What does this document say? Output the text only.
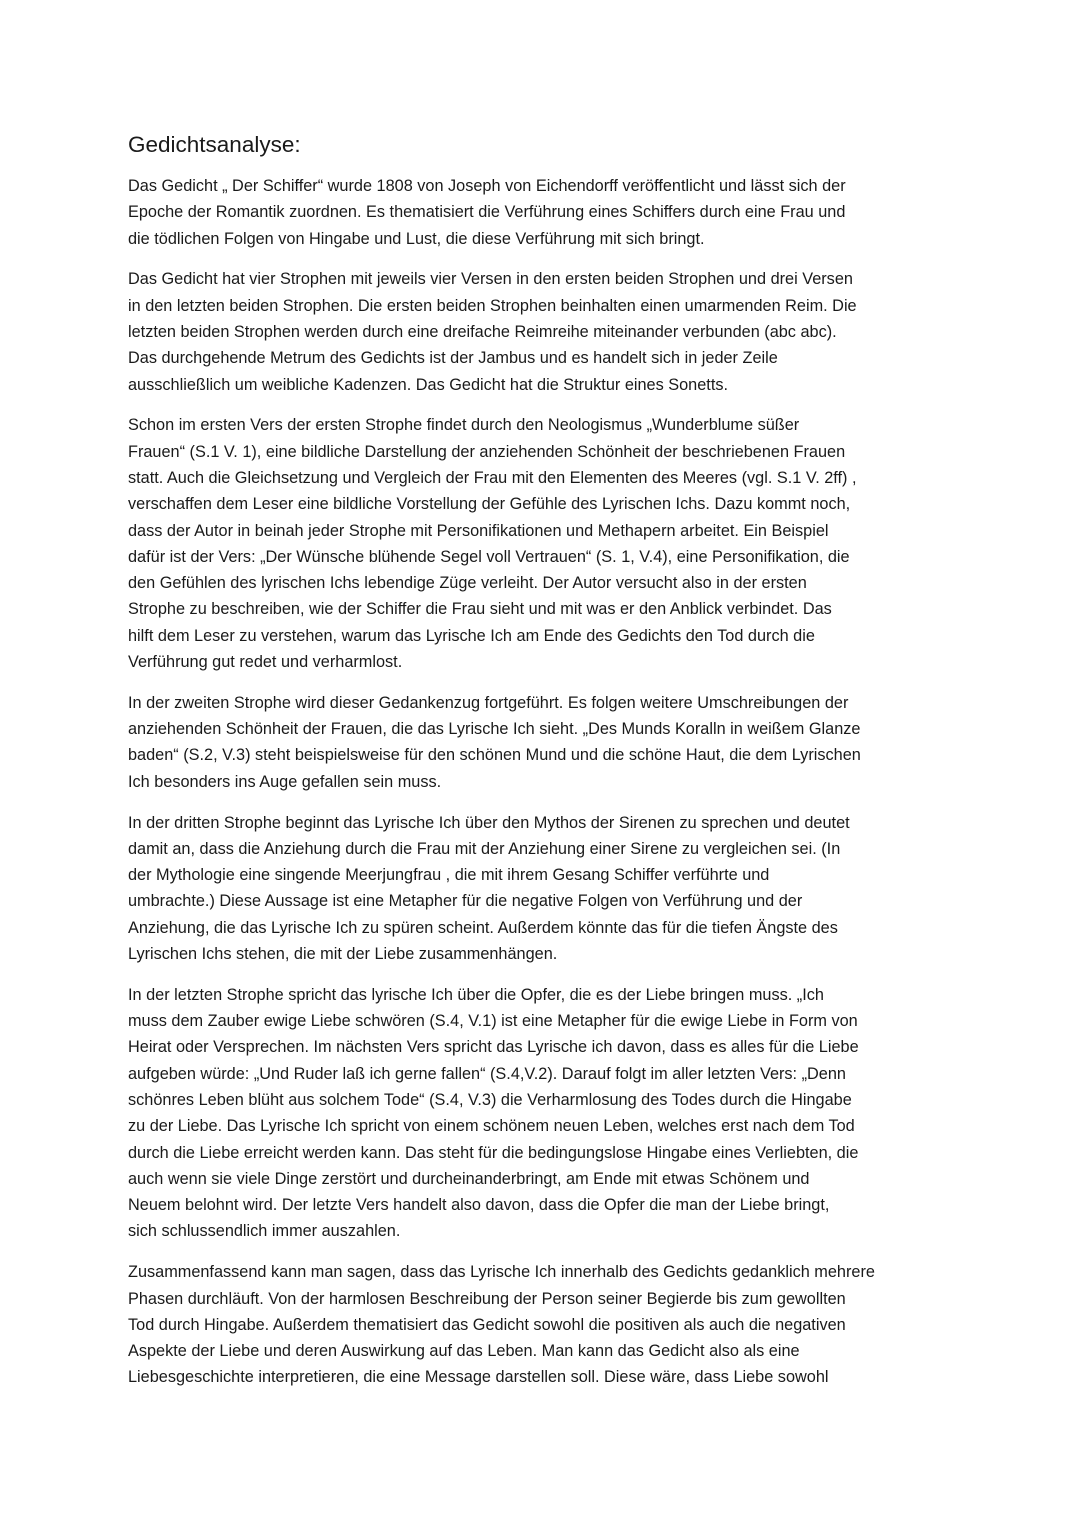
Gedichtsanalyse:

Das Gedicht „ Der Schiffer“ wurde 1808 von Joseph von Eichendorff veröffentlicht und lässt sich der
Epoche der Romantik zuordnen. Es thematisiert die Verführung eines Schiffers durch eine Frau und
die tödlichen Folgen von Hingabe und Lust, die diese Verführung mit sich bringt.

Das Gedicht hat vier Strophen mit jeweils vier Versen in den ersten beiden Strophen und drei Versen
in den letzten beiden Strophen. Die ersten beiden Strophen beinhalten einen umarmenden Reim. Die
letzten beiden Strophen werden durch eine dreifache Reimreihe miteinander verbunden (abc abc).
Das durchgehende Metrum des Gedichts ist der Jambus und es handelt sich in jeder Zeile
ausschließlich um weibliche Kadenzen. Das Gedicht hat die Struktur eines Sonetts.

Schon im ersten Vers der ersten Strophe findet durch den Neologismus „Wunderblume süßer
Frauen“ (S.1 V. 1), eine bildliche Darstellung der anziehenden Schönheit der beschriebenen Frauen
statt. Auch die Gleichsetzung und Vergleich der Frau mit den Elementen des Meeres (vgl. S.1 V. 2ff) ,
verschaffen dem Leser eine bildliche Vorstellung der Gefühle des Lyrischen Ichs. Dazu kommt noch,
dass der Autor in beinah jeder Strophe mit Personifikationen und Methapern arbeitet. Ein Beispiel
dafür ist der Vers: „Der Wünsche blühende Segel voll Vertrauen“ (S. 1, V.4), eine Personifikation, die
den Gefühlen des lyrischen Ichs lebendige Züge verleiht. Der Autor versucht also in der ersten
Strophe zu beschreiben, wie der Schiffer die Frau sieht und mit was er den Anblick verbindet. Das
hilft dem Leser zu verstehen, warum das Lyrische Ich am Ende des Gedichts den Tod durch die
Verführung gut redet und verharmlost.

In der zweiten Strophe wird dieser Gedankenzug fortgeführt. Es folgen weitere Umschreibungen der
anziehenden Schönheit der Frauen, die das Lyrische Ich sieht. „Des Munds Koralln in weißem Glanze
baden“ (S.2, V.3) steht beispielsweise für den schönen Mund und die schöne Haut, die dem Lyrischen
Ich besonders ins Auge gefallen sein muss.

In der dritten Strophe beginnt das Lyrische Ich über den Mythos der Sirenen zu sprechen und deutet
damit an, dass die Anziehung durch die Frau mit der Anziehung einer Sirene zu vergleichen sei. (In
der Mythologie eine singende Meerjungfrau , die mit ihrem Gesang Schiffer verführte und
umbrachte.) Diese Aussage ist eine Metapher für die negative Folgen von Verführung und der
Anziehung, die das Lyrische Ich zu spüren scheint. Außerdem könnte das für die tiefen Ängste des
Lyrischen Ichs stehen, die mit der Liebe zusammenhängen.

In der letzten Strophe spricht das lyrische Ich über die Opfer, die es der Liebe bringen muss. „Ich
muss dem Zauber ewige Liebe schwören (S.4, V.1) ist eine Metapher für die ewige Liebe in Form von
Heirat oder Versprechen. Im nächsten Vers spricht das Lyrische ich davon, dass es alles für die Liebe
aufgeben würde: „Und Ruder laß ich gerne fallen“ (S.4,V.2). Darauf folgt im aller letzten Vers: „Denn
schönres Leben blüht aus solchem Tode“ (S.4, V.3) die Verharmlosung des Todes durch die Hingabe
zu der Liebe. Das Lyrische Ich spricht von einem schönem neuen Leben, welches erst nach dem Tod
durch die Liebe erreicht werden kann. Das steht für die bedingungslose Hingabe eines Verliebten, die
auch wenn sie viele Dinge zerstört und durcheinanderbringt, am Ende mit etwas Schönem und
Neuem belohnt wird. Der letzte Vers handelt also davon, dass die Opfer die man der Liebe bringt,
sich schlussendlich immer auszahlen.

Zusammenfassend kann man sagen, dass das Lyrische Ich innerhalb des Gedichts gedanklich mehrere
Phasen durchläuft. Von der harmlosen Beschreibung der Person seiner Begierde bis zum gewollten
Tod durch Hingabe. Außerdem thematisiert das Gedicht sowohl die positiven als auch die negativen
Aspekte der Liebe und deren Auswirkung auf das Leben. Man kann das Gedicht also als eine
Liebesgeschichte interpretieren, die eine Message darstellen soll. Diese wäre, dass Liebe sowohl
